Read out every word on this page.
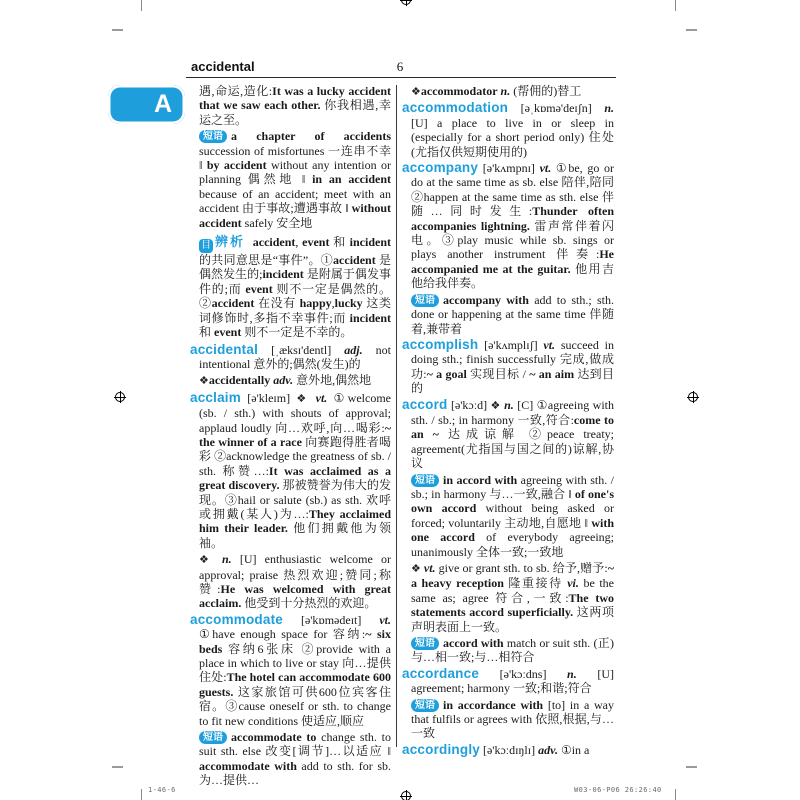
1-46-6	W03-06-P06 26:26:40
accidental	6
A	遇,命运,造化:It was a lucky accident that we saw each other. 你我相遇,幸运之至。

短语 a chapter of accidents succession of misfortunes 一连串不幸 ‖ by accident without any intention or planning 偶然地 ‖ in an accident because of an accident; meet with an accident 由于事故;遭遇事故 ‖ without accident safely 安全地

目 辨析 accident, event 和 incident 的共同意思是“事件”。①accident 是偶然发生的;incident 是附属于偶发事件的;而 event 则不一定是偶然的。②accident 在没有 happy,lucky 这类词修饰时,多指不幸事件;而 incident 和 event 则不一定是不幸的。

accidental [ˌæksɪ'dentl] adj. not intentional 意外的;偶然(发生)的

❖accidentally adv. 意外地,偶然地

acclaim [ə'kleɪm] ❖ vt. ①welcome (sb. / sth.) with shouts of approval; applaud loudly 向…欢呼,向…喝彩:~ the winner of a race 向赛跑得胜者喝彩 ②acknowledge the greatness of sb. / sth. 称赞…:It was acclaimed as a great discovery. 那被赞誉为伟大的发现。③hail or salute (sb.) as sth. 欢呼或拥戴(某人)为…:They acclaimed him their leader. 他们拥戴他为领袖。

❖ n. [U] enthusiastic welcome or approval; praise 热烈欢迎;赞同;称赞:He was welcomed with great acclaim. 他受到十分热烈的欢迎。

accommodate [ə'kɒmədeɪt] vt. ①have enough space for 容纳:~ six beds 容纳6张床 ②provide with a place in which to live or stay 向…提供住处:The hotel can accommodate 600 guests. 这家旅馆可供600位宾客住宿。③cause oneself or sth. to change to fit new conditions 使适应,顺应

短语 accommodate to change sth. to suit sth. else 改变[调节]…以适应 ‖ accommodate with add to sth. for sb. 为…提供…

❖accommodator n. (帮佣的)替工

accommodation [əˌkɒmə'deɪʃn] n. [U] a place to live in or sleep in (especially for a short period only) 住处(尤指仅供短期使用的)

accompany [ə'kʌmpnɪ] vt. ①be, go or do at the same time as sb. else 陪伴,陪同 ②happen at the same time as sth. else 伴随…同时发生:Thunder often accompanies lightning. 雷声常伴着闪电。③play music while sb. sings or plays another instrument 伴奏:He accompanied me at the guitar. 他用吉他给我伴奏。

短语 accompany with add to sth.; sth. done or happening at the same time 伴随着,兼带着

accomplish [ə'kʌmplɪʃ] vt. succeed in doing sth.; finish successfully 完成,做成功:~ a goal 实现目标 / ~ an aim 达到目的

accord [ə'kɔːd] ❖ n. [C] ①agreeing with sth. / sb.; in harmony 一致,符合:come to an ~ 达成谅解 ②peace treaty; agreement(尤指国与国之间的)谅解,协议

短语 in accord with agreeing with sth. / sb.; in harmony 与…一致,融合 ‖ of one's own accord without being asked or forced; voluntarily 主动地,自愿地 ‖ with one accord of everybody agreeing; unanimously 全体一致;一致地

❖ vt. give or grant sth. to sb. 给予,赠予:~ a heavy reception 隆重接待 vi. be the same as; agree 符合,一致:The two statements accord superficially. 这两项声明表面上一致。

短语 accord with match or suit sth. (正)与…相一致;与…相符合

accordance [ə'kɔːdns] n. [U] agreement; harmony 一致;和谐;符合

短语 in accordance with [to] in a way that fulfils or agrees with 依照,根据,与…一致

accordingly [ə'kɔːdɪŋlɪ] adv. ①in a
